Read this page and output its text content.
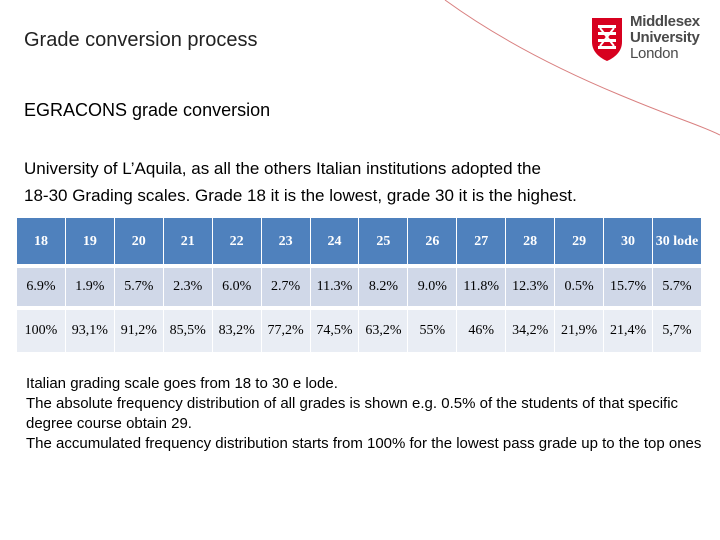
Grade conversion process
Middlesex
University
London
EGRACONS grade conversion
University of L’Aquila, as all the others Italian institutions adopted the
18-30 Grading scales. Grade 18 it is the lowest, grade 30 it is the highest.
18	19	20	21	22	23	24	25	26	27	28	29	30	30 lode

6.9%	1.9%	5.7%	2.3%	6.0%	2.7%	11.3%	8.2%	9.0%	11.8%	12.3%	0.5%	15.7%	5.7%

100%	93,1%	91,2%	85,5%	83,2%	77,2%	74,5%	63,2%	55%	46%	34,2%	21,9%	21,4%	5,7%
Italian grading scale goes from 18 to 30 e lode.
The absolute frequency distribution of all grades is shown e.g. 0.5% of the students of that specific degree course obtain 29.
The accumulated frequency distribution starts from 100% for the lowest pass grade up to the top ones
